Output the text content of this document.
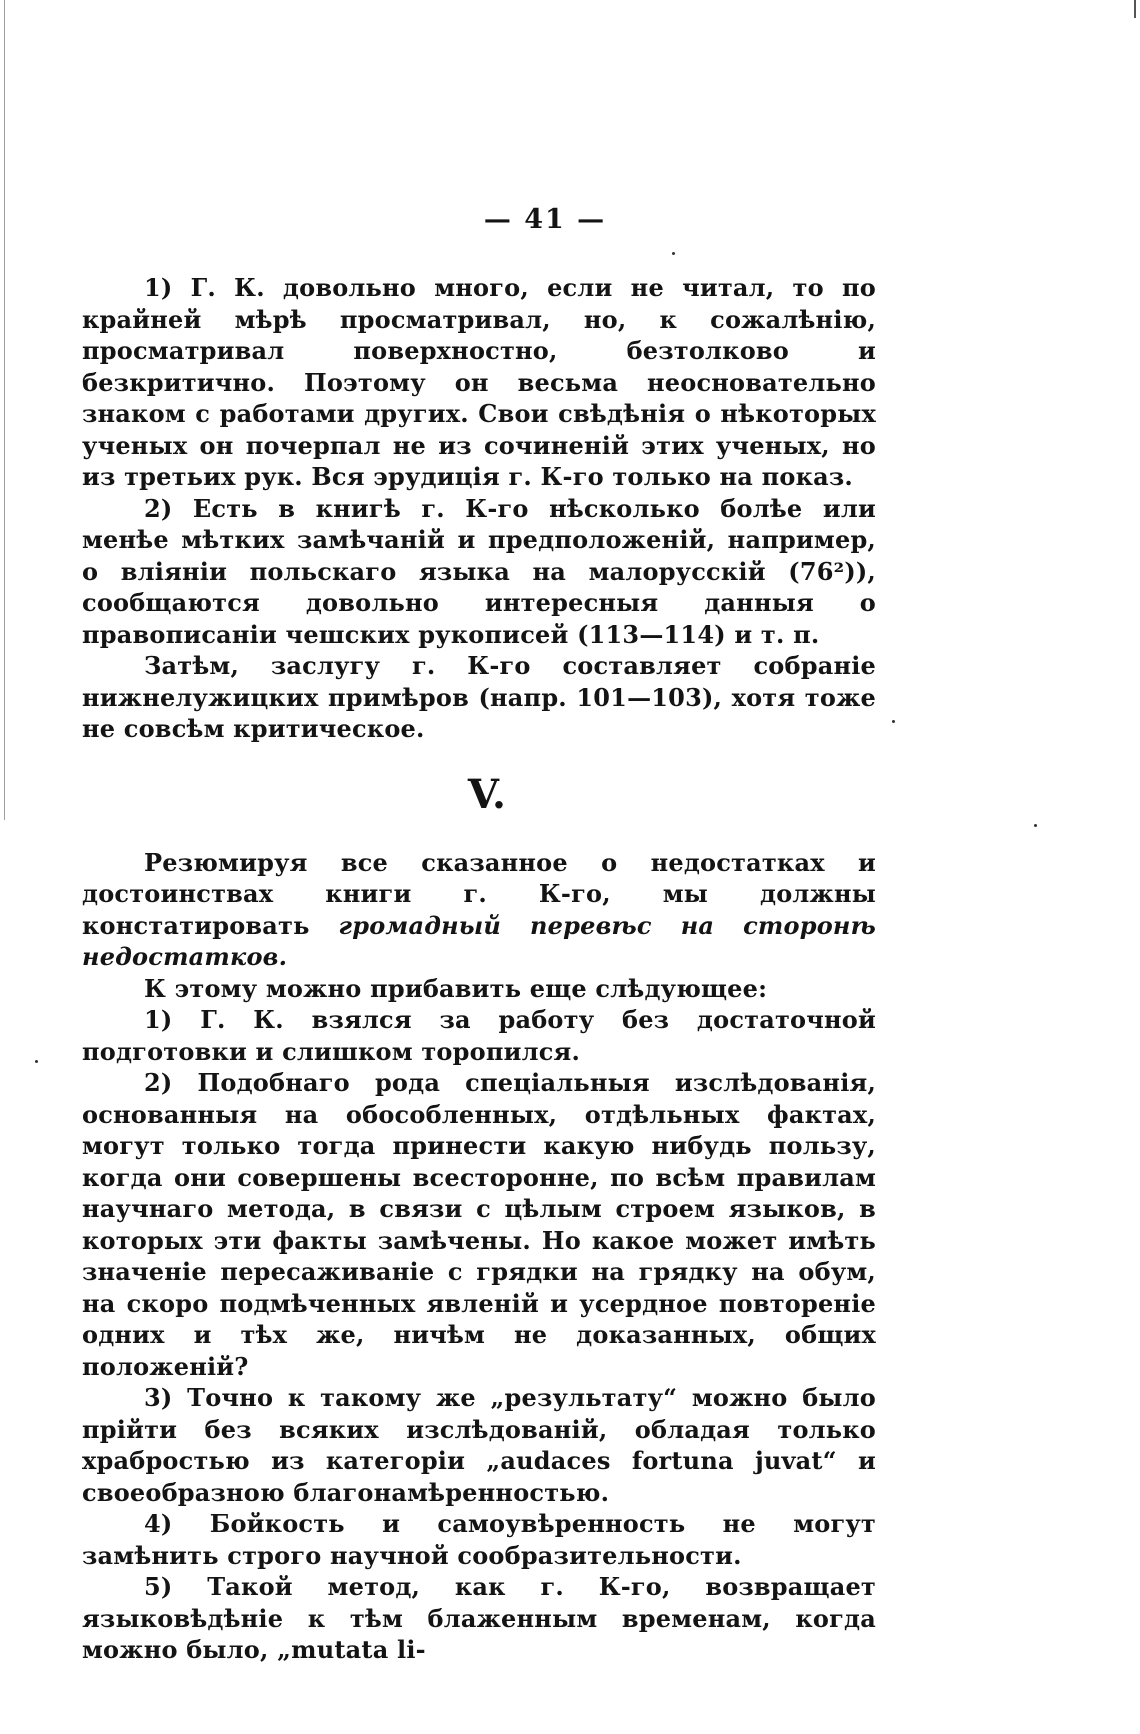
— 41 —

1) Г. К. довольно много, если не читал, то по крайней мѣрѣ просматривал, но, к сожалѣнію, просматривал поверхностно, безтолково и безкритично. Поэтому он весьма неосновательно знаком с работами других. Свои свѣдѣнія о нѣкоторых ученых он почерпал не из сочиненій этих ученых, но из третьих рук. Вся эрудиція г. К-го только на показ.

2) Есть в книгѣ г. К-го нѣсколько болѣе или менѣе мѣтких замѣчаній и предположеній, например, о вліяніи польскаго языка на малорусскій (76²)), сообщаются довольно интересныя данныя о правописаніи чешских рукописей (113—114) и т. п.

Затѣм, заслугу г. К-го составляет собраніе нижнелужицких примѣров (напр. 101—103), хотя тоже не совсѣм критическое.

V.

Резюмируя все сказанное о недостатках и достоинствах книги г. К-го, мы должны констатировать громадный перевѣс на сторонѣ недостатков.

К этому можно прибавить еще слѣдующее:

1) Г. К. взялся за работу без достаточной подготовки и слишком торопился.

2) Подобнаго рода спеціальныя изслѣдованія, основанныя на обособленных, отдѣльных фактах, могут только тогда принести какую нибудь пользу, когда они совершены всесторонне, по всѣм правилам научнаго метода, в связи с цѣлым строем языков, в которых эти факты замѣчены. Но какое может имѣть значеніе пересаживаніе с грядки на грядку на обум, на скоро подмѣченных явленій и усердное повтореніе одних и тѣх же, ничѣм не доказанных, общих положеній?

3) Точно к такому же „результату“ можно было прійти без всяких изслѣдованій, обладая только храбростью из категоріи „audaces fortuna juvat“ и своеобразною благонамѣренностью.

4) Бойкость и самоувѣренность не могут замѣнить строго научной сообразительности.

5) Такой метод, как г. К-го, возвращает языковѣдѣніе к тѣм блаженным временам, когда можно было, „mutata li-
